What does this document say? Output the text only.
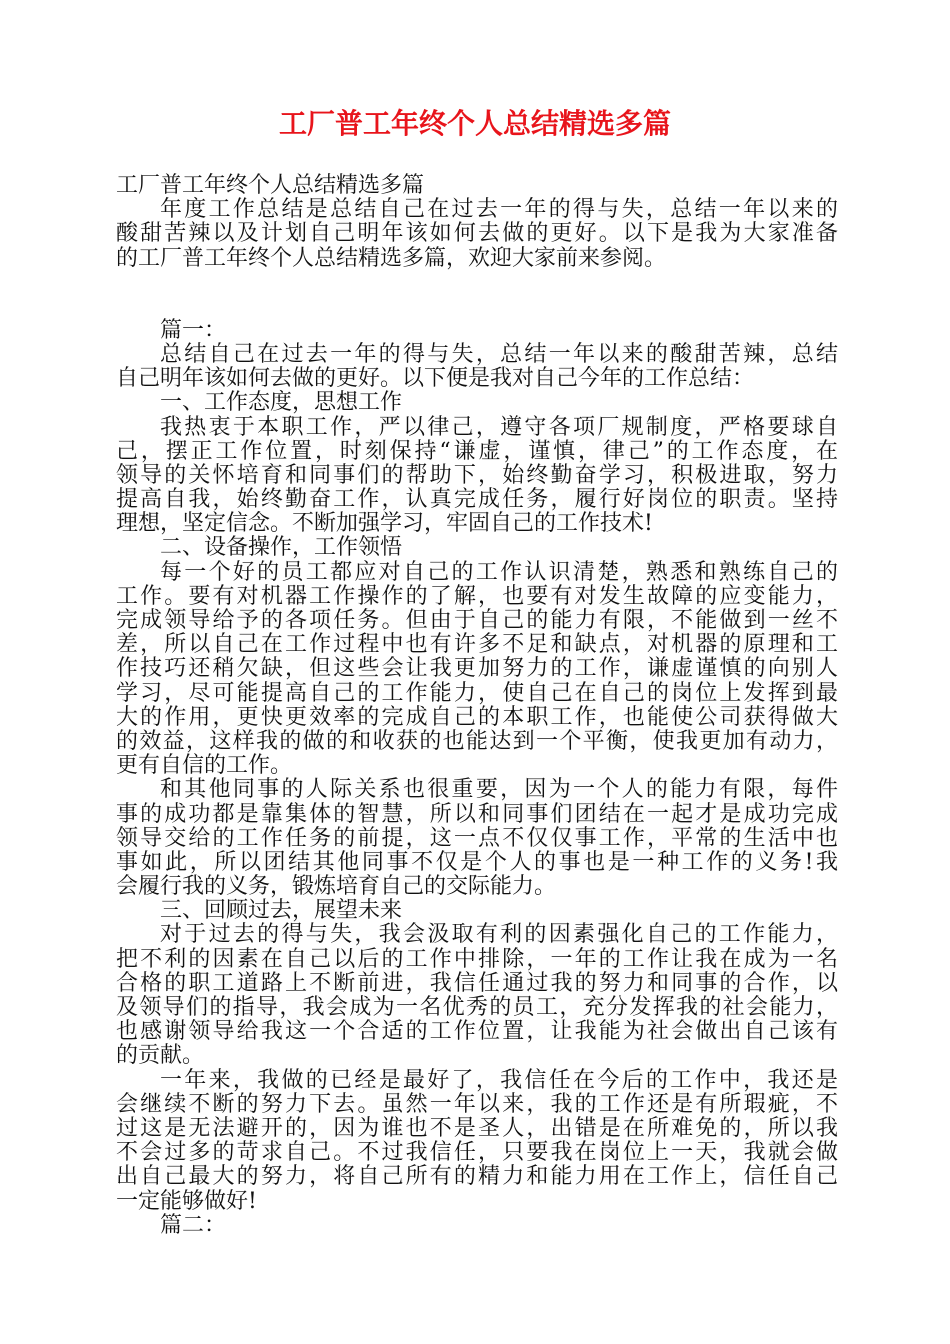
工厂普工年终个人总结精选多篇
工厂普工年终个人总结精选多篇
年度工作总结是总结自己在过去一年的得与失，总结一年以来的
酸甜苦辣以及计划自己明年该如何去做的更好。以下是我为大家准备
的工厂普工年终个人总结精选多篇，欢迎大家前来参阅。
篇一：
总结自己在过去一年的得与失，总结一年以来的酸甜苦辣，总结
自己明年该如何去做的更好。以下便是我对自己今年的工作总结：
一、工作态度，思想工作
我热衷于本职工作，严以律己，遵守各项厂规制度，严格要球自
己，摆正工作位置，时刻保持“谦虚，谨慎，律己”的工作态度，在
领导的关怀培育和同事们的帮助下，始终勤奋学习，积极进取，努力
提高自我，始终勤奋工作，认真完成任务，履行好岗位的职责。坚持
理想，坚定信念。不断加强学习，牢固自己的工作技术!
二、设备操作，工作领悟
每一个好的员工都应对自己的工作认识清楚，熟悉和熟练自己的
工作。要有对机器工作操作的了解，也要有对发生故障的应变能力，
完成领导给予的各项任务。但由于自己的能力有限，不能做到一丝不
差，所以自己在工作过程中也有许多不足和缺点，对机器的原理和工
作技巧还稍欠缺，但这些会让我更加努力的工作，谦虚谨慎的向别人
学习，尽可能提高自己的工作能力，使自己在自己的岗位上发挥到最
大的作用，更快更效率的完成自己的本职工作，也能使公司获得做大
的效益，这样我的做的和收获的也能达到一个平衡，使我更加有动力，
更有自信的工作。
和其他同事的人际关系也很重要，因为一个人的能力有限，每件
事的成功都是靠集体的智慧，所以和同事们团结在一起才是成功完成
领导交给的工作任务的前提，这一点不仅仅事工作，平常的生活中也
事如此，所以团结其他同事不仅是个人的事也是一种工作的义务!我
会履行我的义务，锻炼培育自己的交际能力。
三、回顾过去，展望未来
对于过去的得与失，我会汲取有利的因素强化自己的工作能力，
把不利的因素在自己以后的工作中排除，一年的工作让我在成为一名
合格的职工道路上不断前进，我信任通过我的努力和同事的合作，以
及领导们的指导，我会成为一名优秀的员工，充分发挥我的社会能力，
也感谢领导给我这一个合适的工作位置，让我能为社会做出自己该有
的贡献。
一年来，我做的已经是最好了，我信任在今后的工作中，我还是
会继续不断的努力下去。虽然一年以来，我的工作还是有所瑕疵，不
过这是无法避开的，因为谁也不是圣人，出错是在所难免的，所以我
不会过多的苛求自己。不过我信任，只要我在岗位上一天，我就会做
出自己最大的努力，将自己所有的精力和能力用在工作上，信任自己
一定能够做好!
篇二：
